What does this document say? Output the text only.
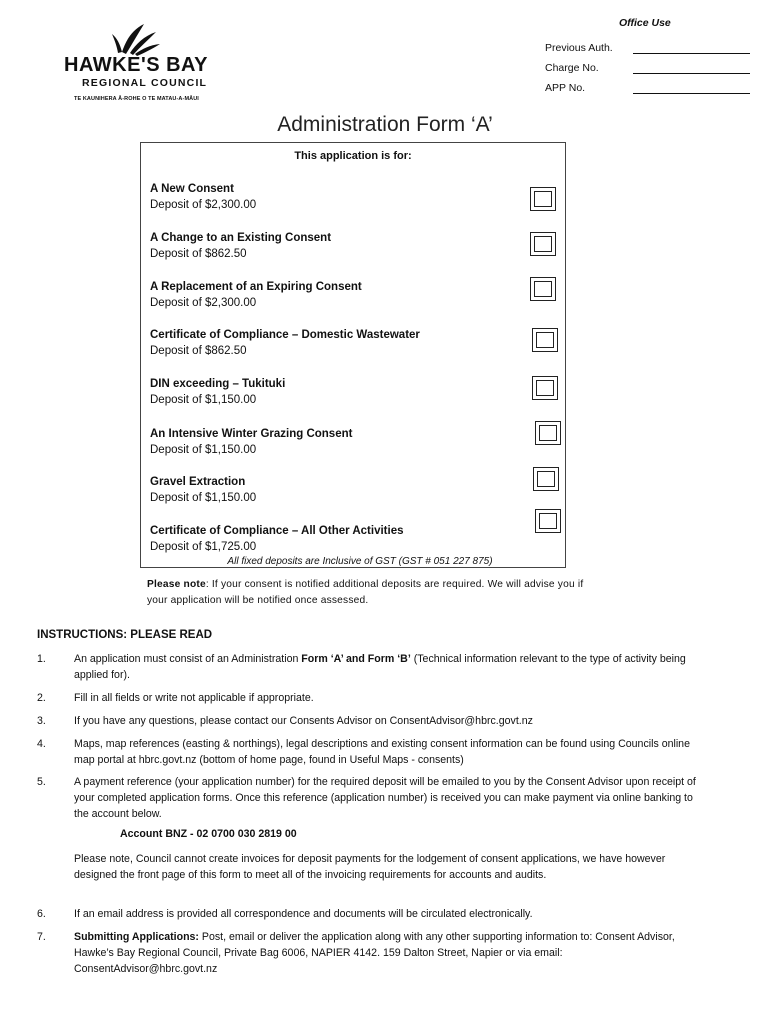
HAWKE'S BAY
REGIONAL COUNCIL
TE KAUNIHERA Ā-ROHE O TE MATAU-A-MĀUI
Office Use
Previous Auth.
Charge No.
APP No.
Administration Form ‘A’
This application is for:
A New Consent
Deposit of $2,300.00
A Change to an Existing Consent
Deposit of $862.50
A Replacement of an Expiring Consent
Deposit of $2,300.00
Certificate of Compliance – Domestic Wastewater
Deposit of $862.50
DIN exceeding – Tukituki
Deposit of $1,150.00
An Intensive Winter Grazing Consent
Deposit of $1,150.00
Gravel Extraction
Deposit of $1,150.00
Certificate of Compliance – All Other Activities
Deposit of $1,725.00
All fixed deposits are Inclusive of GST (GST # 051 227 875)
Please note: If your consent is notified additional deposits are required. We will advise you if your application will be notified once assessed.
INSTRUCTIONS: PLEASE READ
1.	An application must consist of an Administration Form ‘A’ and Form ‘B’ (Technical information relevant to the type of activity being applied for).
2.	Fill in all fields or write not applicable if appropriate.
3.	If you have any questions, please contact our Consents Advisor on ConsentAdvisor@hbrc.govt.nz
4.	Maps, map references (easting & northings), legal descriptions and existing consent information can be found using Councils online map portal at hbrc.govt.nz (bottom of home page, found in Useful Maps - consents)
5.	A payment reference (your application number) for the required deposit will be emailed to you by the Consent Advisor upon receipt of your completed application forms. Once this reference (application number) is received you can make payment via online banking to the account below.
Account BNZ - 02 0700 030 2819 00
Please note, Council cannot create invoices for deposit payments for the lodgement of consent applications, we have however designed the front page of this form to meet all of the invoicing requirements for accounts and audits.
6.	If an email address is provided all correspondence and documents will be circulated electronically.
7.	Submitting Applications: Post, email or deliver the application along with any other supporting information to: Consent Advisor, Hawke’s Bay Regional Council, Private Bag 6006, NAPIER 4142. 159 Dalton Street, Napier or via email: ConsentAdvisor@hbrc.govt.nz
